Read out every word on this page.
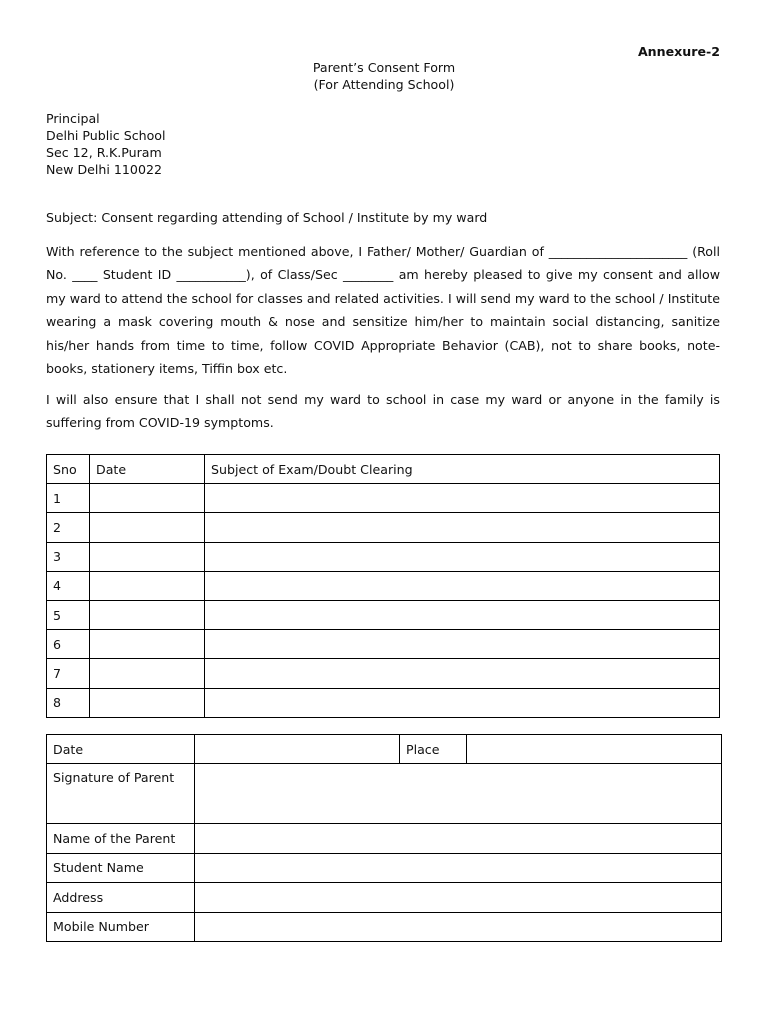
Annexure-2
Parent’s Consent Form
(For Attending School)
Principal
Delhi Public School
Sec 12, R.K.Puram
New Delhi 110022
Subject: Consent regarding attending of School / Institute by my ward
With reference to the subject mentioned above, I Father/ Mother/ Guardian of ______________________ (Roll No. ____ Student ID ___________), of Class/Sec ________ am hereby pleased to give my consent and allow my ward to attend the school for classes and related activities. I will send my ward to the school / Institute wearing a mask covering mouth & nose and sensitize him/her to maintain social distancing, sanitize his/her hands from time to time, follow COVID Appropriate Behavior (CAB), not to share books, note-books, stationery items, Tiffin box etc.
I will also ensure that I shall not send my ward to school in case my ward or anyone in the family is suffering from COVID-19 symptoms.
Sno	Date	Subject of Exam/Doubt Clearing
1		
2		
3		
4		
5		
6		
7		
8		
Date		Place	
Signature of Parent			
Name of the Parent			
Student Name			
Address			
Mobile Number			
